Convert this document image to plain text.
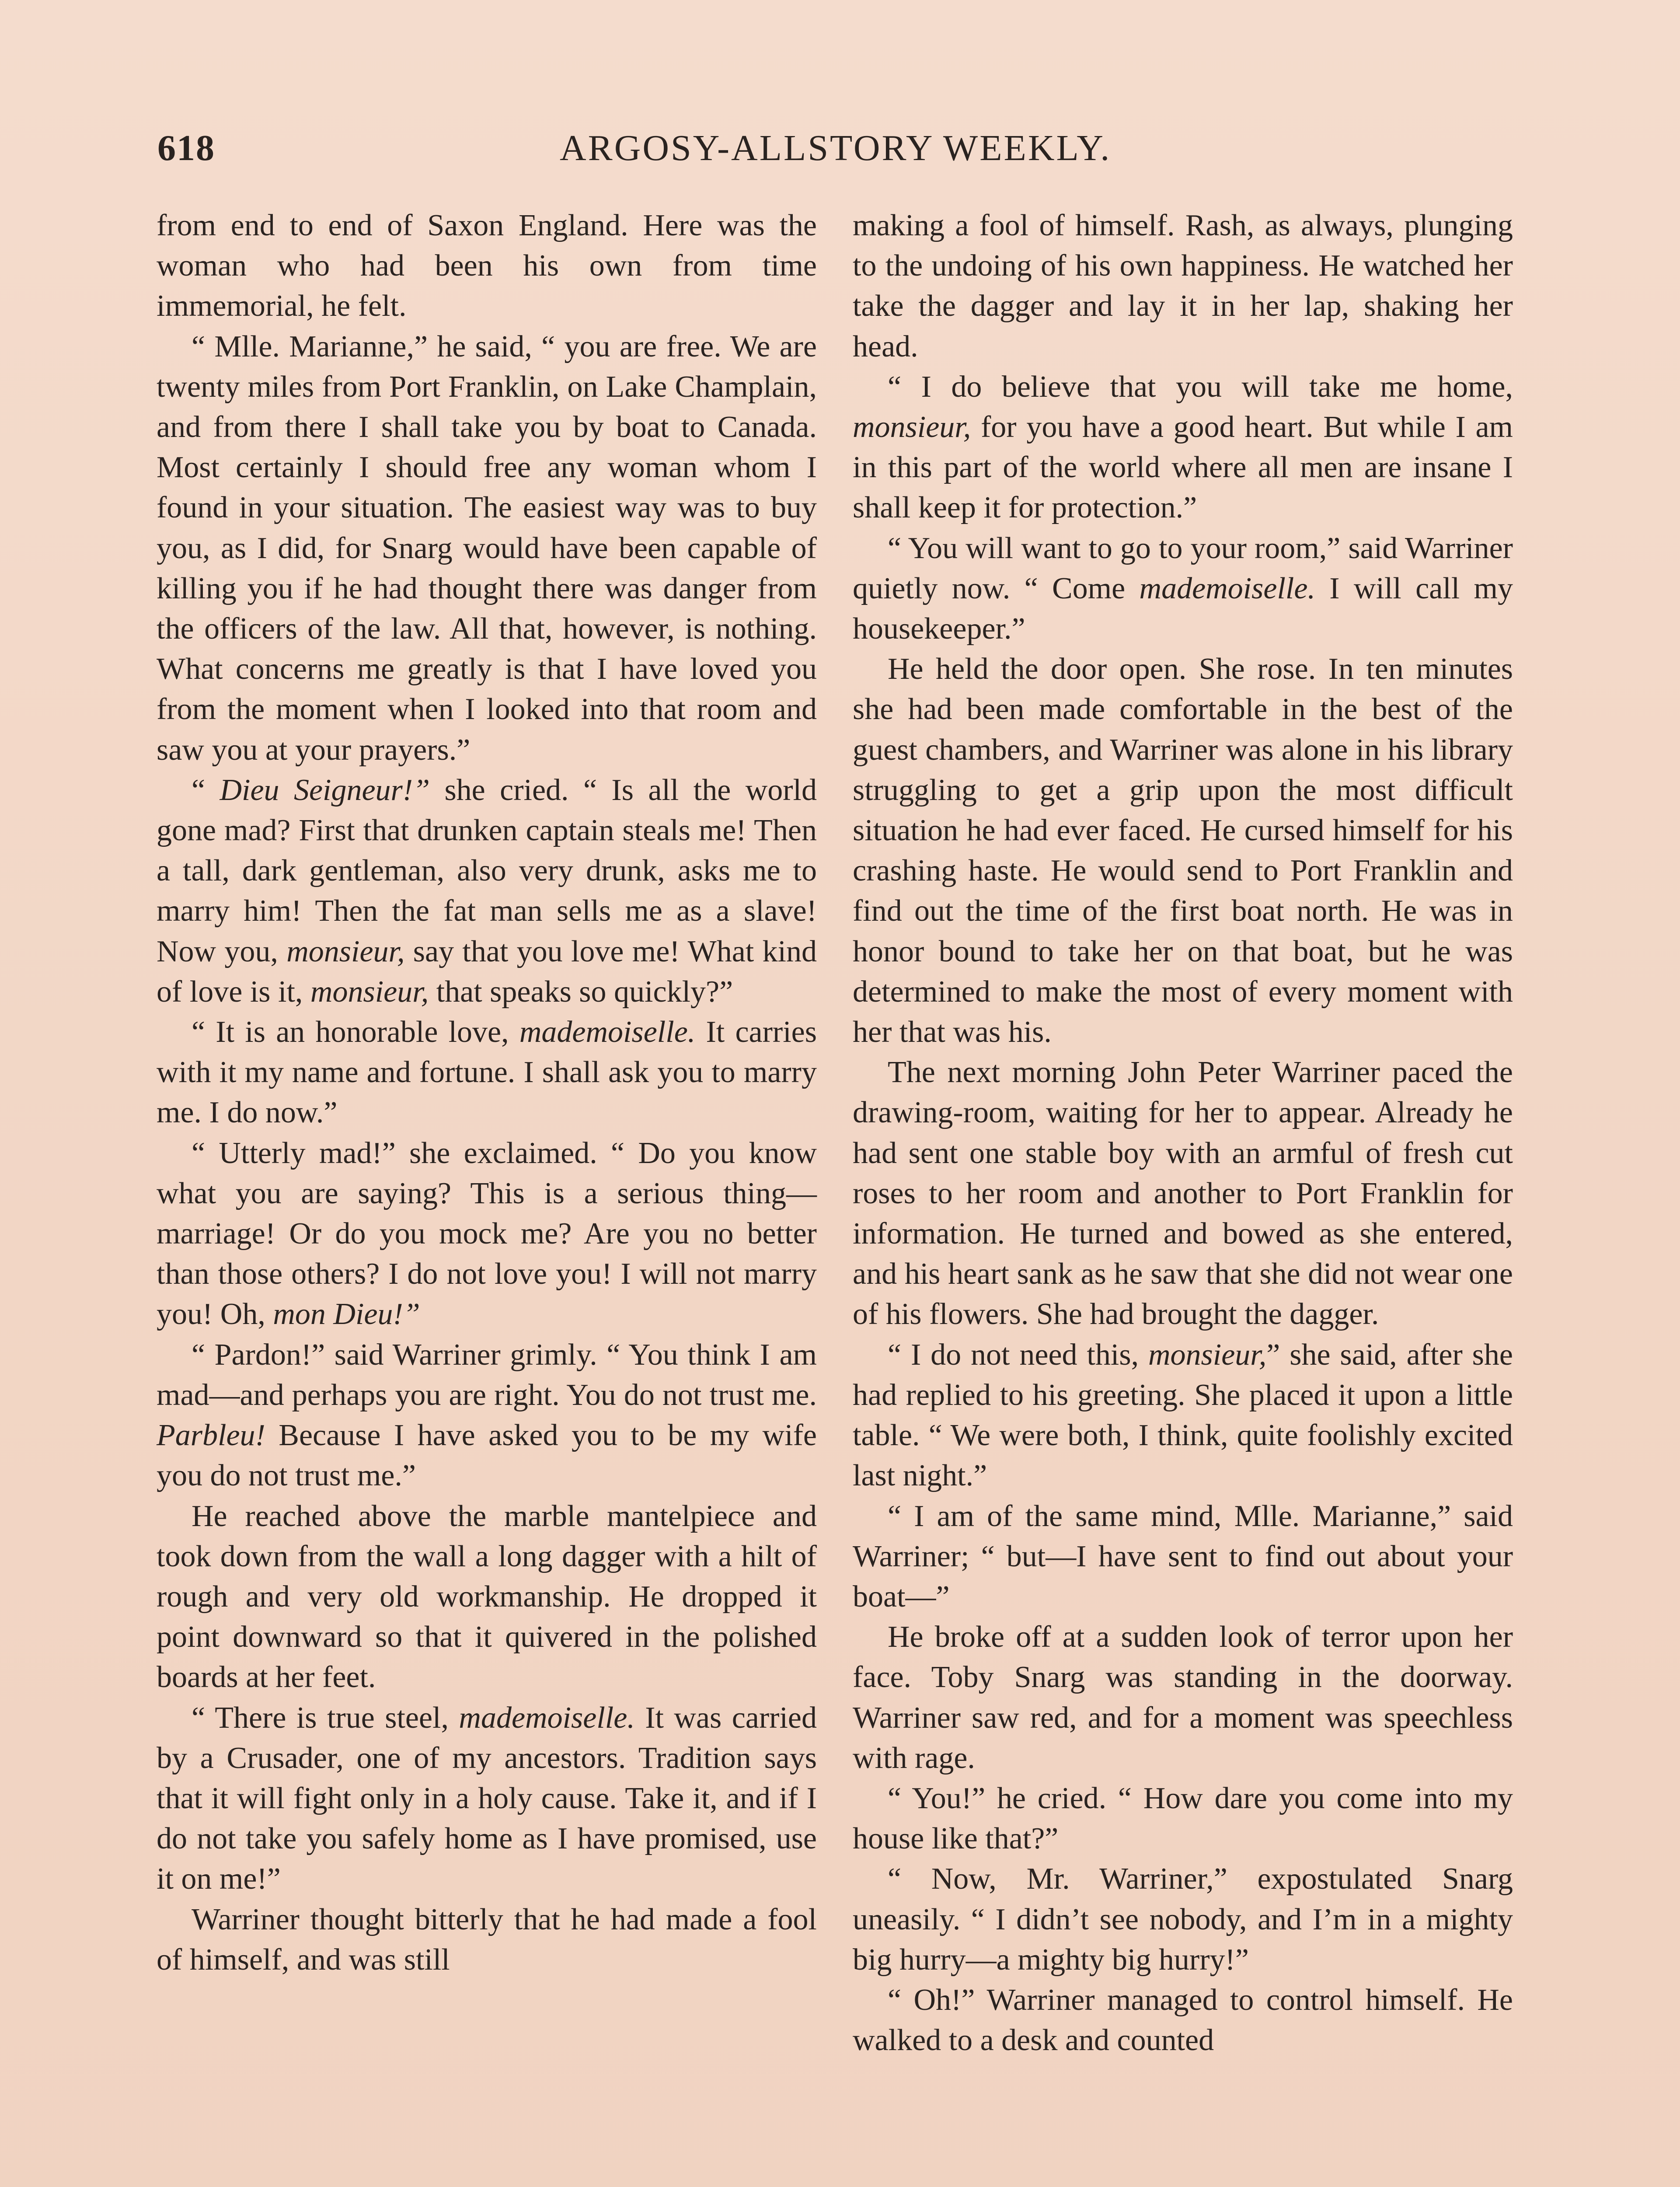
618	ARGOSY-ALLSTORY WEEKLY.

from end to end of Saxon England. Here was the woman who had been his own from time immemorial, he felt.

“ Mlle. Marianne,” he said, “ you are free. We are twenty miles from Port Franklin, on Lake Champlain, and from there I shall take you by boat to Canada. Most certainly I should free any woman whom I found in your situation. The easiest way was to buy you, as I did, for Snarg would have been capable of killing you if he had thought there was danger from the officers of the law. All that, however, is nothing. What concerns me greatly is that I have loved you from the moment when I looked into that room and saw you at your prayers.”

“ Dieu Seigneur!” she cried. “ Is all the world gone mad? First that drunken captain steals me! Then a tall, dark gentleman, also very drunk, asks me to marry him! Then the fat man sells me as a slave! Now you, monsieur, say that you love me! What kind of love is it, monsieur, that speaks so quickly?”

“ It is an honorable love, mademoiselle. It carries with it my name and fortune. I shall ask you to marry me. I do now.”

“ Utterly mad!” she exclaimed. “ Do you know what you are saying? This is a serious thing—marriage! Or do you mock me? Are you no better than those others? I do not love you! I will not marry you! Oh, mon Dieu!”

“ Pardon!” said Warriner grimly. “ You think I am mad—and perhaps you are right. You do not trust me. Parbleu! Because I have asked you to be my wife you do not trust me.”

He reached above the marble mantelpiece and took down from the wall a long dagger with a hilt of rough and very old workmanship. He dropped it point downward so that it quivered in the polished boards at her feet.

“ There is true steel, mademoiselle. It was carried by a Crusader, one of my ancestors. Tradition says that it will fight only in a holy cause. Take it, and if I do not take you safely home as I have promised, use it on me!”

Warriner thought bitterly that he had made a fool of himself, and was still

making a fool of himself. Rash, as always, plunging to the undoing of his own happiness. He watched her take the dagger and lay it in her lap, shaking her head.

“ I do believe that you will take me home, monsieur, for you have a good heart. But while I am in this part of the world where all men are insane I shall keep it for protection.”

“ You will want to go to your room,” said Warriner quietly now. “ Come mademoiselle. I will call my housekeeper.”

He held the door open. She rose. In ten minutes she had been made comfortable in the best of the guest chambers, and Warriner was alone in his library struggling to get a grip upon the most difficult situation he had ever faced. He cursed himself for his crashing haste. He would send to Port Franklin and find out the time of the first boat north. He was in honor bound to take her on that boat, but he was determined to make the most of every moment with her that was his.

The next morning John Peter Warriner paced the drawing-room, waiting for her to appear. Already he had sent one stable boy with an armful of fresh cut roses to her room and another to Port Franklin for information. He turned and bowed as she entered, and his heart sank as he saw that she did not wear one of his flowers. She had brought the dagger.

“ I do not need this, monsieur,” she said, after she had replied to his greeting. She placed it upon a little table. “ We were both, I think, quite foolishly excited last night.”

“ I am of the same mind, Mlle. Marianne,” said Warriner; “ but—I have sent to find out about your boat—”

He broke off at a sudden look of terror upon her face. Toby Snarg was standing in the doorway. Warriner saw red, and for a moment was speechless with rage.

“ You!” he cried. “ How dare you come into my house like that?”

“ Now, Mr. Warriner,” expostulated Snarg uneasily. “ I didn’t see nobody, and I’m in a mighty big hurry—a mighty big hurry!”

“ Oh!” Warriner managed to control himself. He walked to a desk and counted
